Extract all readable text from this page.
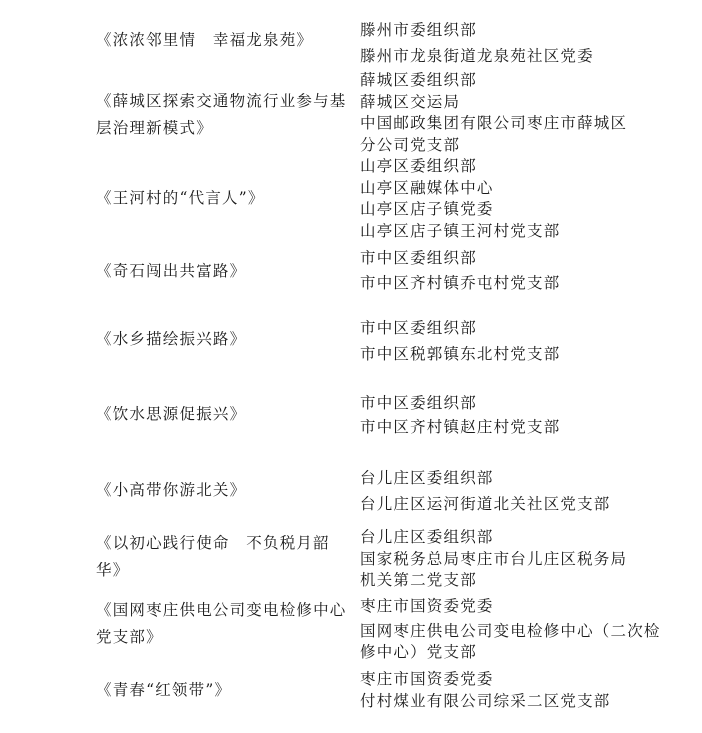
《浓浓邻里情　幸福龙泉苑》
滕州市委组织部
滕州市龙泉街道龙泉苑社区党委
《薛城区探索交通物流行业参与基层治理新模式》
薛城区委组织部
薛城区交运局
中国邮政集团有限公司枣庄市薛城区
分公司党支部
《王河村的“代言人”》
山亭区委组织部
山亭区融媒体中心
山亭区店子镇党委
山亭区店子镇王河村党支部
《奇石闯出共富路》
市中区委组织部
市中区齐村镇乔屯村党支部
《水乡描绘振兴路》
市中区委组织部
市中区税郭镇东北村党支部
《饮水思源促振兴》
市中区委组织部
市中区齐村镇赵庄村党支部
《小高带你游北关》
台儿庄区委组织部
台儿庄区运河街道北关社区党支部
《以初心践行使命　不负税月韶华》
台儿庄区委组织部
国家税务总局枣庄市台儿庄区税务局
机关第二党支部
《国网枣庄供电公司变电检修中心党支部》
枣庄市国资委党委
国网枣庄供电公司变电检修中心（二次检
修中心）党支部
《青春“红领带”》
枣庄市国资委党委
付村煤业有限公司综采二区党支部
